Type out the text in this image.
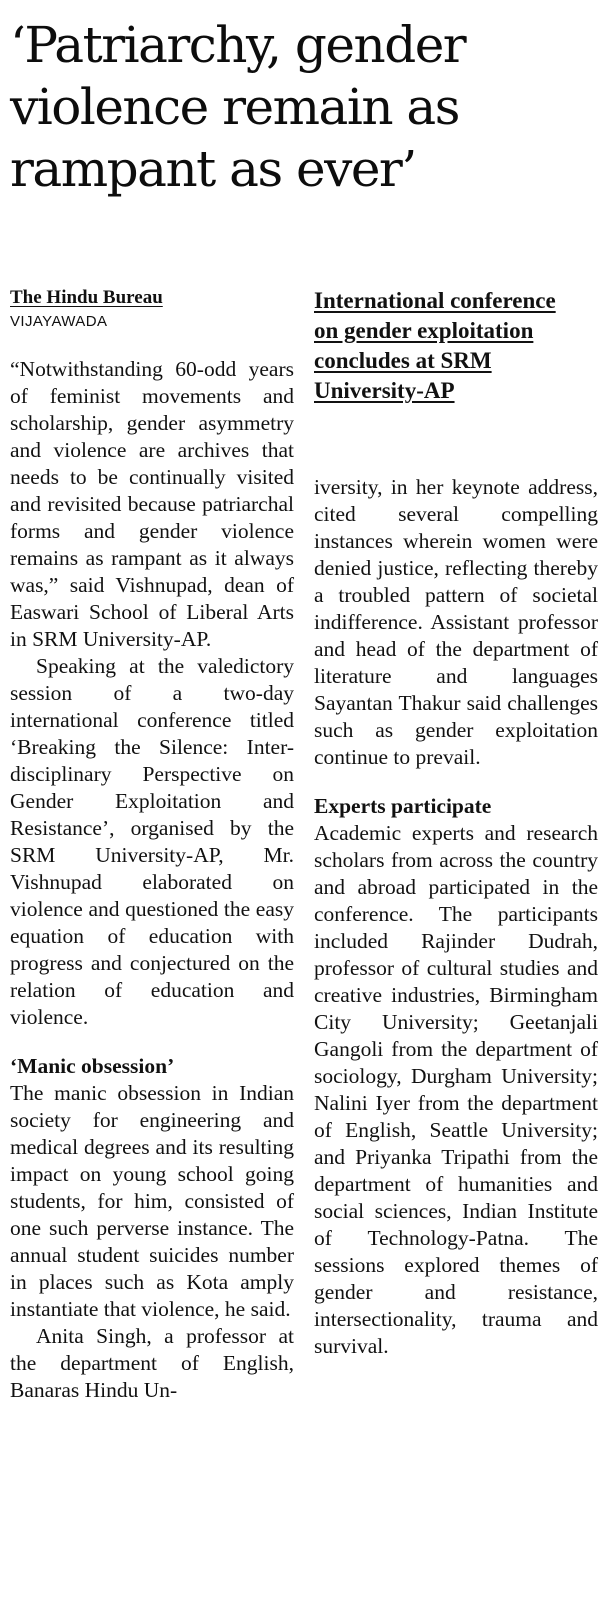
‘Patriarchy, gender violence remain as rampant as ever’

The Hindu Bureau

VIJAYAWADA

“Notwithstanding 60-odd years of feminist movements and scholarship, gender asymmetry and violence are archives that needs to be continually visited and revisited because patriarchal forms and gender violence remains as rampant as it always was,” said Vishnupad, dean of Easwari School of Liberal Arts in SRM University-AP.

Speaking at the valedictory session of a two-day international conference titled ‘Breaking the Silence: Inter-disciplinary Perspective on Gender Exploitation and Resistance’, organised by the SRM University-AP, Mr. Vishnupad elaborated on violence and questioned the easy equation of education with progress and conjectured on the relation of education and violence.

‘Manic obsession’

The manic obsession in Indian society for engineering and medical degrees and its resulting impact on young school going students, for him, consisted of one such perverse instance. The annual student suicides number in places such as Kota amply instantiate that violence, he said.

Anita Singh, a professor at the department of English, Banaras Hindu Un-

International conference on gender exploitation concludes at SRM University-AP

iversity, in her keynote address, cited several compelling instances wherein women were denied justice, reflecting thereby a troubled pattern of societal indifference. Assistant professor and head of the department of literature and languages Sayantan Thakur said challenges such as gender exploitation continue to prevail.

Experts participate

Academic experts and research scholars from across the country and abroad participated in the conference. The participants included Rajinder Dudrah, professor of cultural studies and creative industries, Birmingham City University; Geetanjali Gangoli from the department of sociology, Durgham University; Nalini Iyer from the department of English, Seattle University; and Priyanka Tripathi from the department of humanities and social sciences, Indian Institute of Technology-Patna. The sessions explored themes of gender and resistance, intersectionality, trauma and survival.
